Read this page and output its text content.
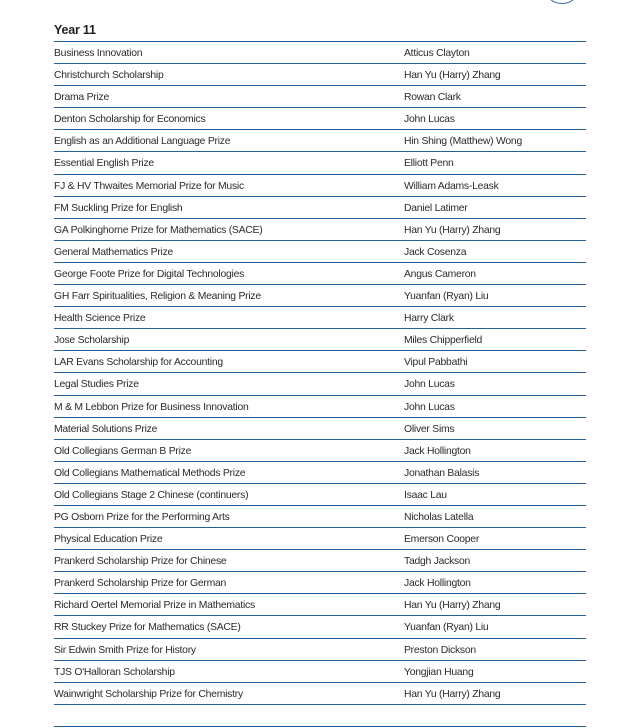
Year 11
Business Innovation	Atticus Clayton
Christchurch Scholarship	Han Yu (Harry) Zhang
Drama Prize	Rowan Clark
Denton Scholarship for Economics	John Lucas
English as an Additional Language Prize	Hin Shing (Matthew) Wong
Essential English Prize	Elliott Penn
FJ & HV Thwaites Memorial Prize for Music	William Adams-Leask
FM Suckling Prize for English	Daniel Latimer
GA Polkinghorne Prize for Mathematics (SACE)	Han Yu (Harry) Zhang
General Mathematics Prize	Jack Cosenza
George Foote Prize for Digital Technologies	Angus Cameron
GH Farr Spiritualities, Religion & Meaning Prize	Yuanfan (Ryan) Liu
Health Science Prize	Harry Clark
Jose Scholarship	Miles Chipperfield
LAR Evans Scholarship for Accounting	Vipul Pabbathi
Legal Studies Prize	John Lucas
M & M Lebbon Prize for Business Innovation	John Lucas
Material Solutions Prize	Oliver Sims
Old Collegians German B Prize	Jack Hollington
Old Collegians Mathematical Methods Prize	Jonathan Balasis
Old Collegians Stage 2 Chinese (continuers)	Isaac Lau
PG Osborn Prize for the Performing Arts	Nicholas Latella
Physical Education Prize	Emerson Cooper
Prankerd Scholarship Prize for Chinese	Tadgh Jackson
Prankerd Scholarship Prize for German	Jack Hollington
Richard Oertel Memorial Prize in Mathematics	Han Yu (Harry) Zhang
RR Stuckey Prize for Mathematics (SACE)	Yuanfan (Ryan) Liu
Sir Edwin Smith Prize for History	Preston Dickson
TJS O'Halloran Scholarship	Yongjian Huang
Wainwright Scholarship Prize for Chemistry	Han Yu (Harry) Zhang
